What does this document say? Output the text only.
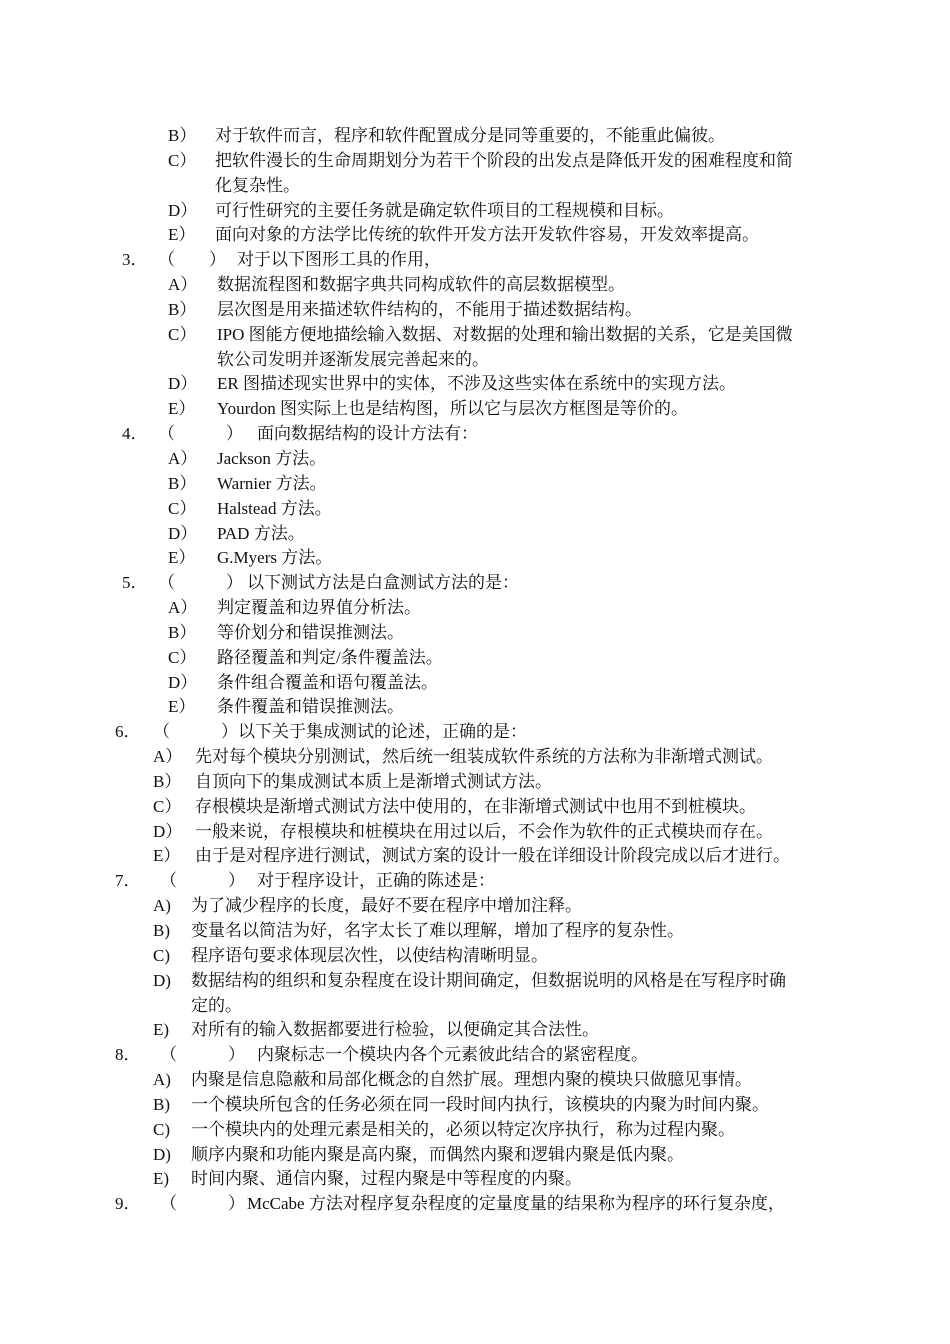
B） 对于软件而言，程序和软件配置成分是同等重要的，不能重此偏彼。
C） 把软件漫长的生命周期划分为若干个阶段的出发点是降低开发的困难程度和简
化复杂性。
D） 可行性研究的主要任务就是确定软件项目的工程规模和目标。
E） 面向对象的方法学比传统的软件开发方法开发软件容易，开发效率提高。
3． （　　） 对于以下图形工具的作用，
A） 数据流程图和数据字典共同构成软件的高层数据模型。
B） 层次图是用来描述软件结构的，不能用于描述数据结构。
C） IPO 图能方便地描绘输入数据、对数据的处理和输出数据的关系，它是美国微
软公司发明并逐渐发展完善起来的。
D） ER 图描述现实世界中的实体，不涉及这些实体在系统中的实现方法。
E） Yourdon 图实际上也是结构图，所以它与层次方框图是等价的。
4． （　　　） 面向数据结构的设计方法有：
A） Jackson 方法。
B） Warnier 方法。
C） Halstead 方法。
D） PAD 方法。
E） G.Myers 方法。
5． （　　　） 以下测试方法是白盒测试方法的是：
A） 判定覆盖和边界值分析法。
B） 等价划分和错误推测法。
C） 路径覆盖和判定/条件覆盖法。
D） 条件组合覆盖和语句覆盖法。
E） 条件覆盖和错误推测法。
6． （　　　） 以下关于集成测试的论述，正确的是：
A） 先对每个模块分别测试，然后统一组装成软件系统的方法称为非渐增式测试。
B） 自顶向下的集成测试本质上是渐增式测试方法。
C） 存根模块是渐增式测试方法中使用的，在非渐增式测试中也用不到桩模块。
D） 一般来说，存根模块和桩模块在用过以后，不会作为软件的正式模块而存在。
E） 由于是对程序进行测试，测试方案的设计一般在详细设计阶段完成以后才进行。
7． （　　　） 对于程序设计，正确的陈述是：
A) 为了减少程序的长度，最好不要在程序中增加注释。
B) 变量名以简洁为好，名字太长了难以理解，增加了程序的复杂性。
C) 程序语句要求体现层次性，以使结构清晰明显。
D) 数据结构的组织和复杂程度在设计期间确定，但数据说明的风格是在写程序时确
定的。
E) 对所有的输入数据都要进行检验，以便确定其合法性。
8． （　　　） 内聚标志一个模块内各个元素彼此结合的紧密程度。
A) 内聚是信息隐蔽和局部化概念的自然扩展。理想内聚的模块只做臆见事情。
B) 一个模块所包含的任务必须在同一段时间内执行，该模块的内聚为时间内聚。
C) 一个模块内的处理元素是相关的，必须以特定次序执行，称为过程内聚。
D) 顺序内聚和功能内聚是高内聚，而偶然内聚和逻辑内聚是低内聚。
E) 时间内聚、通信内聚，过程内聚是中等程度的内聚。
9． （　　　） McCabe 方法对程序复杂程度的定量度量的结果称为程序的环行复杂度，
